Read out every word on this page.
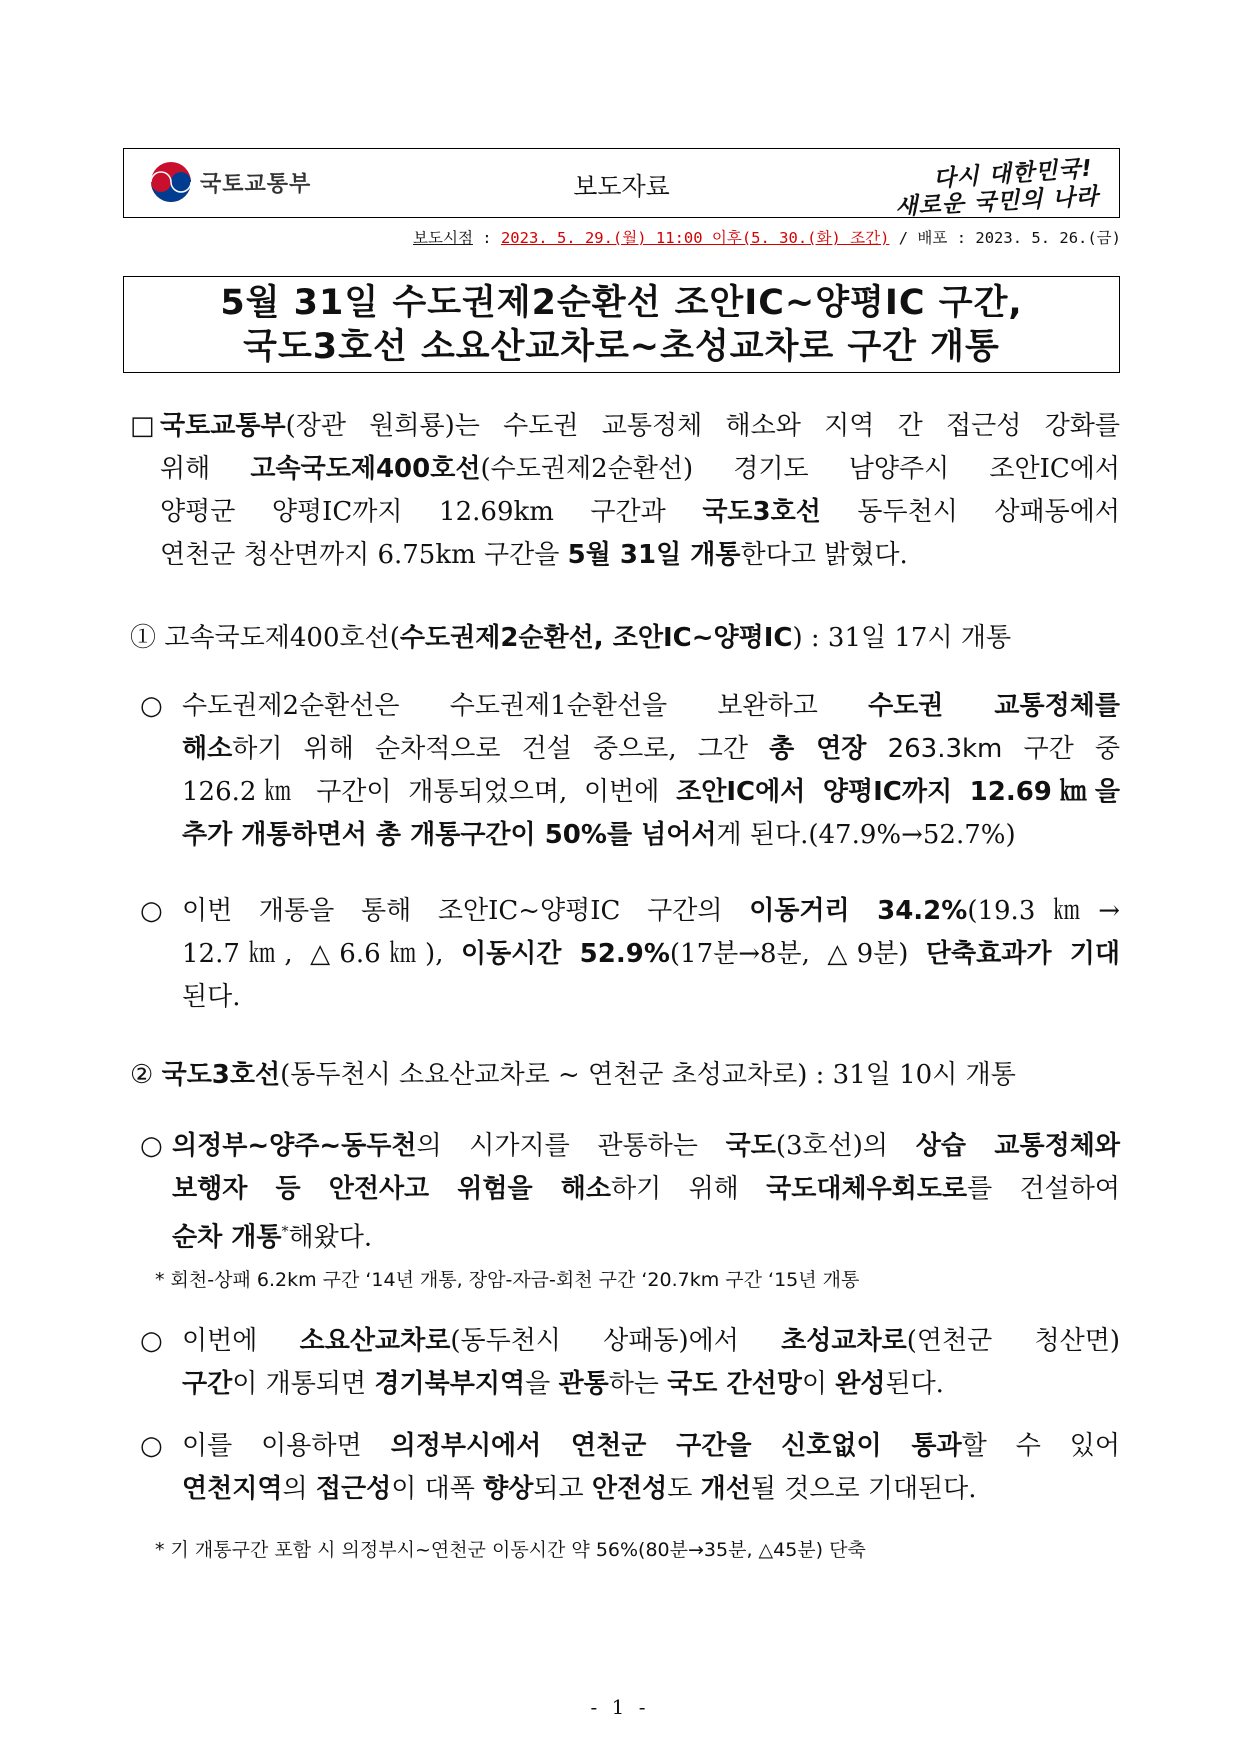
국토교통부	보도자료	다시 대한민국!
새로운 국민의 나라
보도시점 : 2023. 5. 29.(월) 11:00 이후(5. 30.(화) 조간) / 배포 : 2023. 5. 26.(금)
5월 31일 수도권제2순환선 조안IC~양평IC 구간,
국도3호선 소요산교차로~초성교차로 구간 개통
□ 국토교통부(장관 원희룡)는 수도권 교통정체 해소와 지역 간 접근성 강화를
위해 고속국도제400호선(수도권제2순환선) 경기도 남양주시 조안IC에서
양평군 양평IC까지 12.69km 구간과 국도3호선 동두천시 상패동에서
연천군 청산면까지 6.75km 구간을 5월 31일 개통한다고 밝혔다.
① 고속국도제400호선(수도권제2순환선, 조안IC~양평IC) : 31일 17시 개통
○ 수도권제2순환선은 수도권제1순환선을 보완하고 수도권 교통정체를
해소하기 위해 순차적으로 건설 중으로, 그간 총 연장 263.3km 구간 중
126.2㎞ 구간이 개통되었으며, 이번에 조안IC에서 양평IC까지 12.69㎞을
추가 개통하면서 총 개통구간이 50%를 넘어서게 된다.(47.9%→52.7%)
○ 이번 개통을 통해 조안IC~양평IC 구간의 이동거리 34.2%(19.3㎞→
12.7㎞, △6.6㎞), 이동시간 52.9%(17분→8분, △9분) 단축효과가 기대
된다.
② 국도3호선(동두천시 소요산교차로 ~ 연천군 초성교차로) : 31일 10시 개통
○ 의정부~양주~동두천의 시가지를 관통하는 국도(3호선)의 상습 교통정체와
보행자 등 안전사고 위험을 해소하기 위해 국도대체우회도로를 건설하여
순차 개통*해왔다.
* 회천-상패 6.2km 구간 ‘14년 개통, 장암-자금-회천 구간 ‘20.7km 구간 ‘15년 개통
○ 이번에 소요산교차로(동두천시 상패동)에서 초성교차로(연천군 청산면)
구간이 개통되면 경기북부지역을 관통하는 국도 간선망이 완성된다.
○ 이를 이용하면 의정부시에서 연천군 구간을 신호없이 통과할 수 있어
연천지역의 접근성이 대폭 향상되고 안전성도 개선될 것으로 기대된다.
* 기 개통구간 포함 시 의정부시~연천군 이동시간 약 56%(80분→35분, △45분) 단축
- 1 -
